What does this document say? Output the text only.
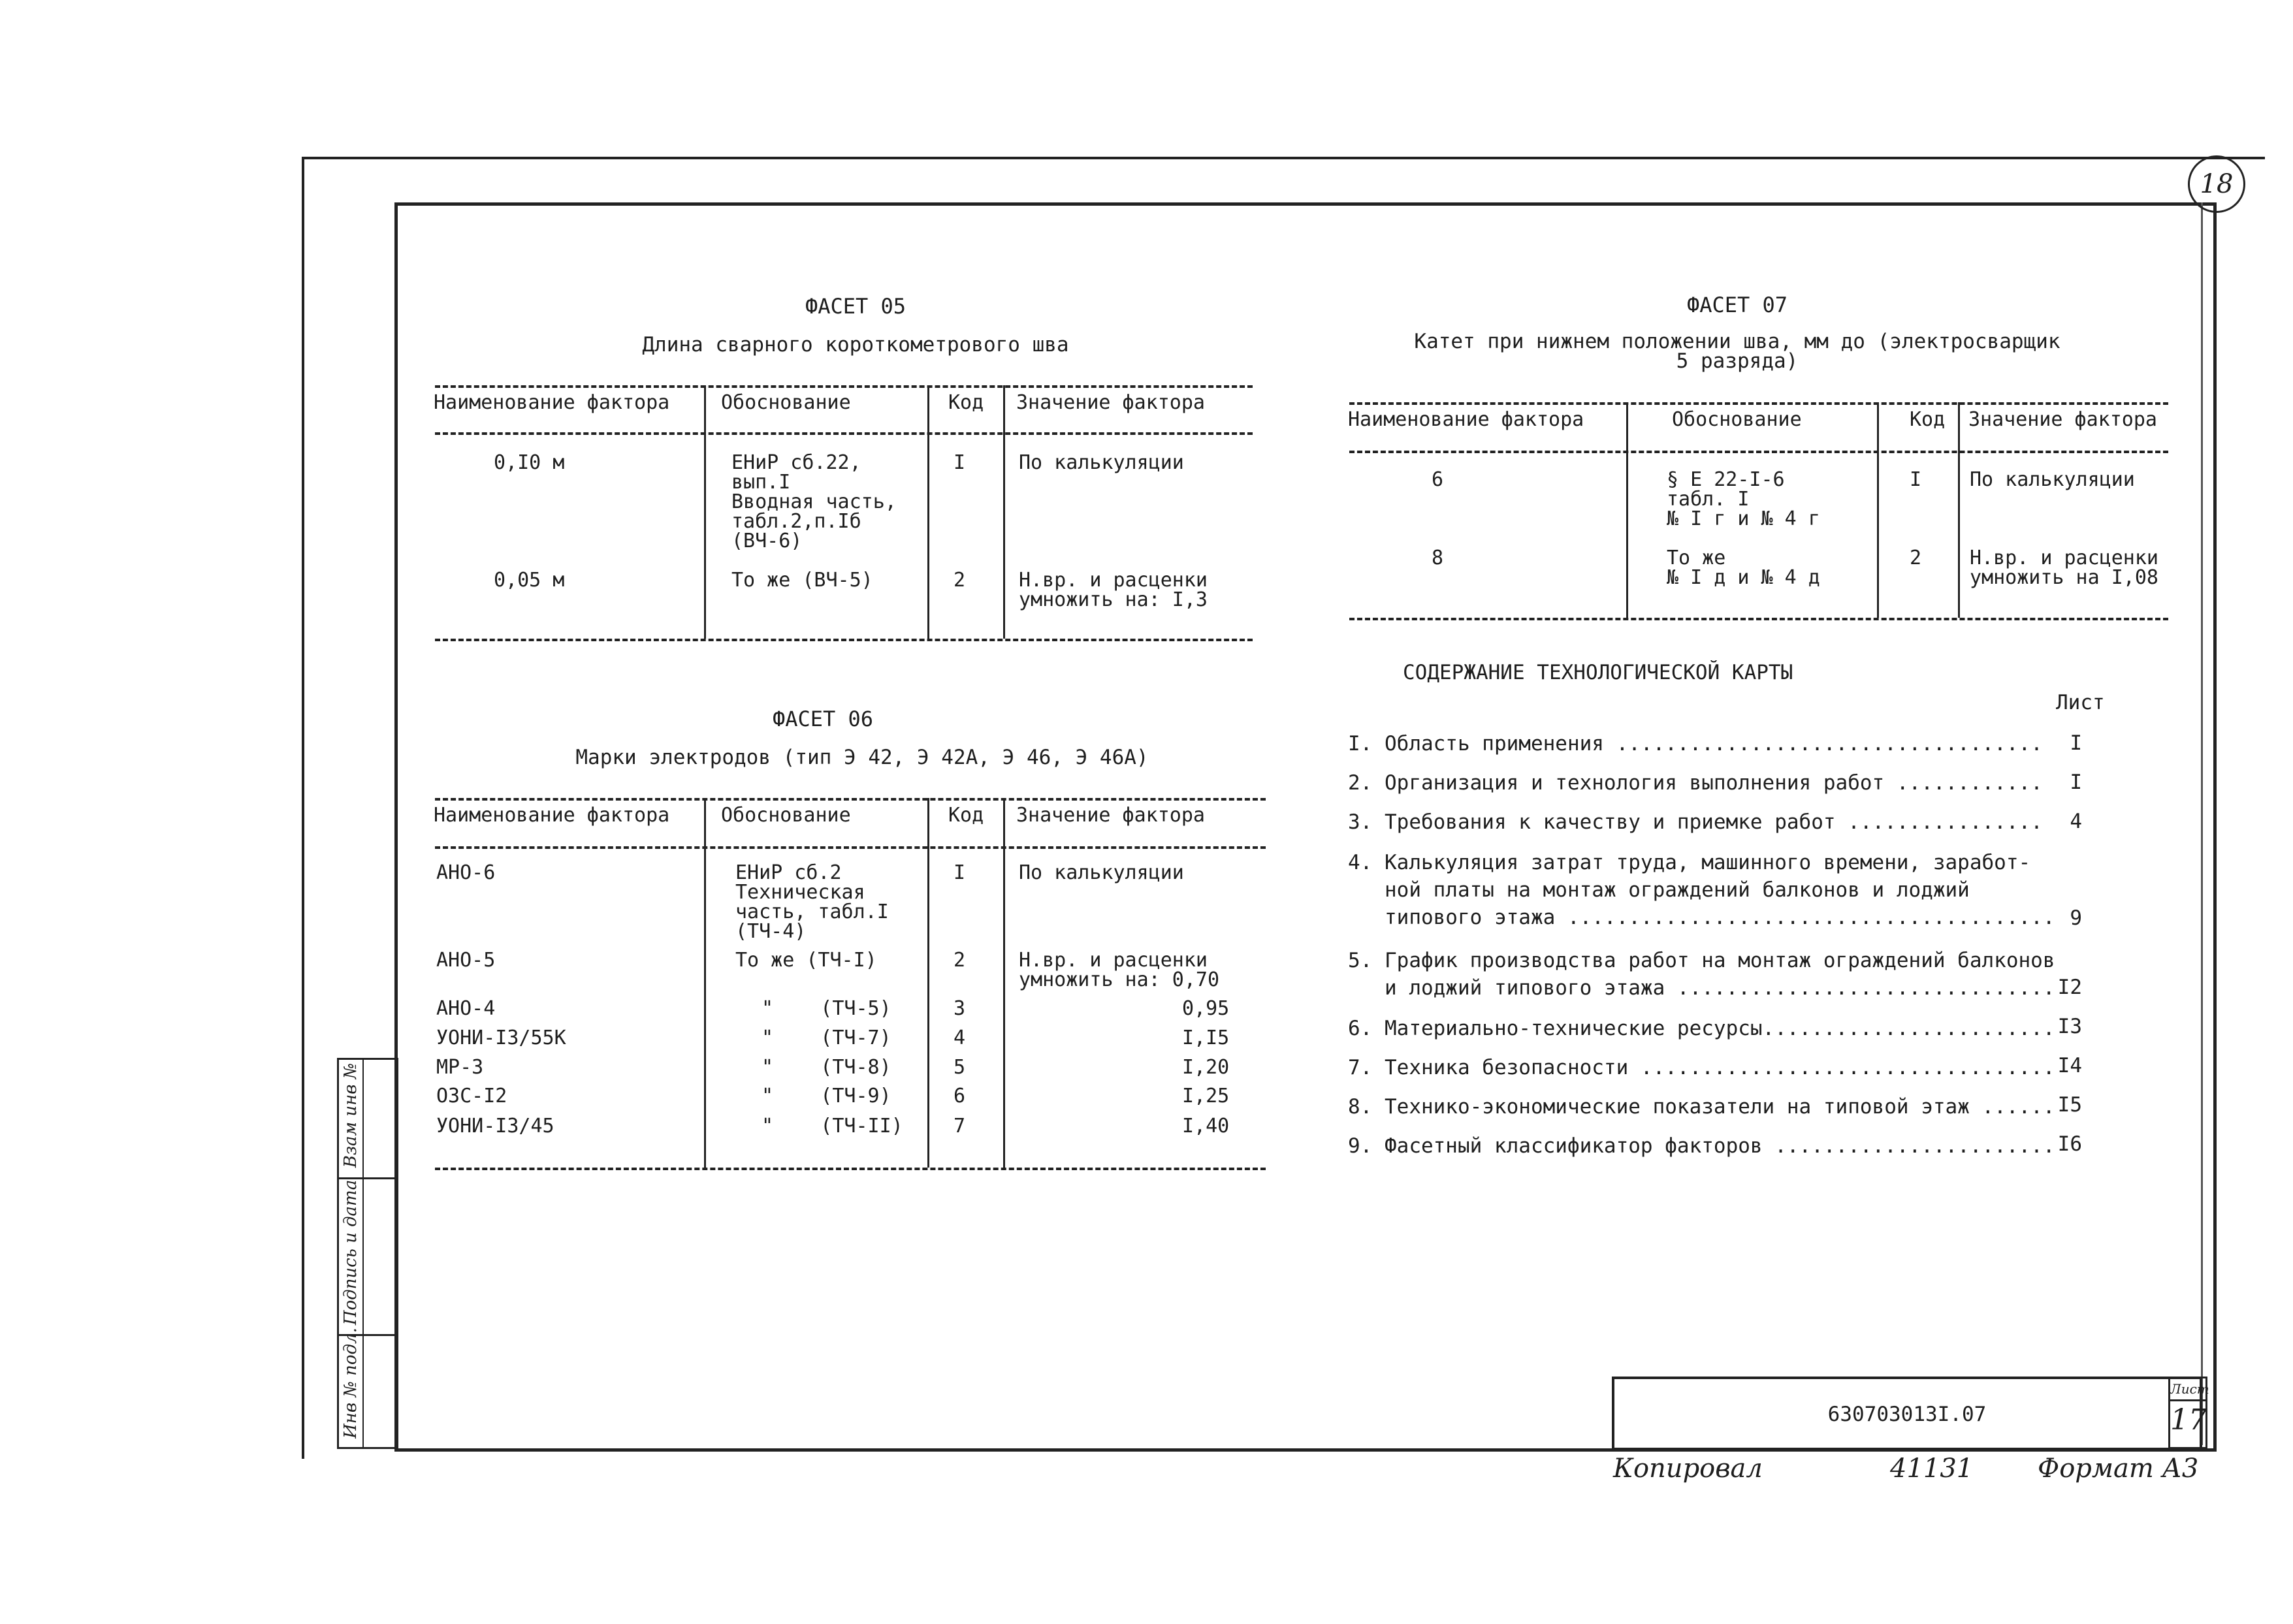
18
Инв № подл.
Подпись и дата
Взам инв №
ФАСЕТ 05
Длина сварного короткометрового шва
Наименование фактора	Обоснование	Код Значение фактора
0,I0 м	ЕНиР сб.22,
вып.I
Вводная часть,
табл.2,п.Iб
(ВЧ-6)
I	По калькуляции
0,05 м	То же (ВЧ-5)	2	Н.вр. и расценки
умножить на: I,3
ФАСЕТ 06
Марки электродов (тип Э 42, Э 42А, Э 46, Э 46А)
Наименование фактора	Обоснование	Код Значение фактора
АНО-6	ЕНиР сб.2
Техническая
часть, табл.I
(ТЧ-4)
I	По калькуляции
АНО-5	То же (ТЧ-I)	2	Н.вр. и расценки
умножить на: 0,70
АНО-4	"    (ТЧ-5)	3	0,95
УОНИ-I3/55К	"    (ТЧ-7)	4	I,I5
МР-3	"    (ТЧ-8)	5	I,20
ОЗС-I2	"    (ТЧ-9)	6	I,25
УОНИ-I3/45	"    (ТЧ-II)	7	I,40
ФАСЕТ 07
Катет при нижнем положении шва, мм до (электросварщик
5 разряда)
Наименование фактора	Обоснование	Код Значение фактора
6	§ Е 22-I-6
табл. I
№ I г и № 4 г
I По калькуляции
8	То же
№ I д и № 4 д
2 Н.вр. и расценки
умножить на I,08
СОДЕРЖАНИЕ ТЕХНОЛОГИЧЕСКОЙ КАРТЫ
Лист
I. Область применения ...................................	I
2. Организация и технология выполнения работ ............	I
3. Требования к качеству и приемке работ ................	4
4. Калькуляция затрат труда, машинного времени, заработ-
ной платы на монтаж ограждений балконов и лоджий
типового этажа ........................................ 9
5. График производства работ на монтаж ограждений балконов
и лоджий типового этажа ............................... I2
6. Материально-технические ресурсы........................ I3
7. Техника безопасности .................................. I4
8. Технико-экономические показатели на типовой этаж ...... I5
9. Фасетный классификатор факторов ....................... I6
630703013I.07
Лист
17
Копировал	41131 Формат А3
